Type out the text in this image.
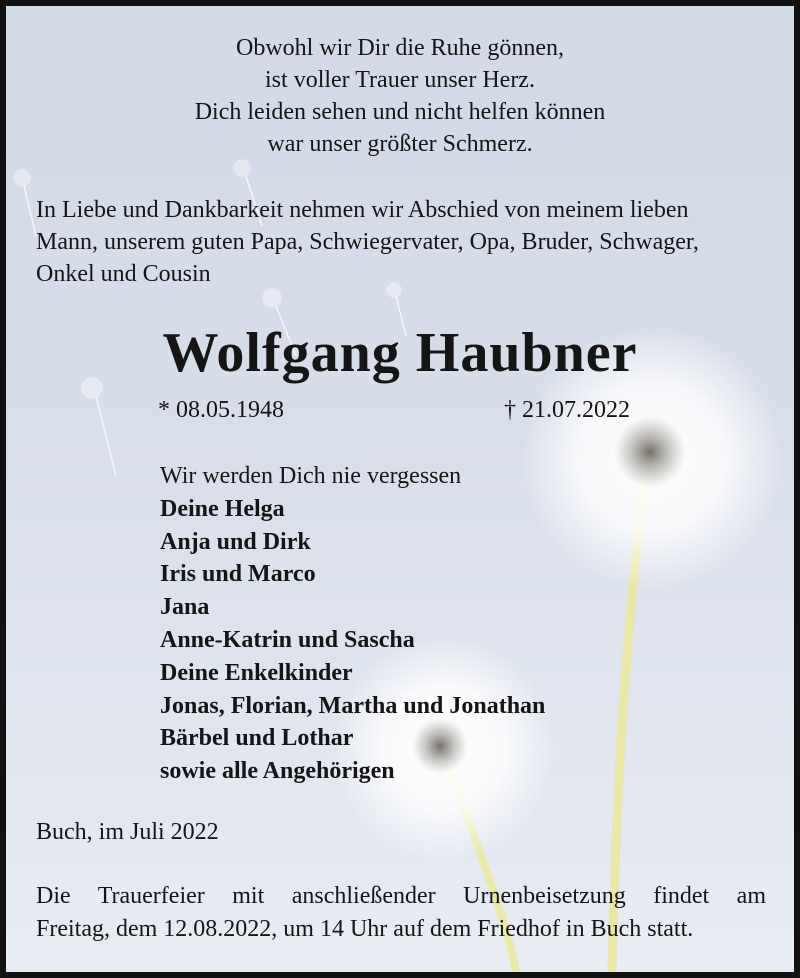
Obwohl wir Dir die Ruhe gönnen,
ist voller Trauer unser Herz.
Dich leiden sehen und nicht helfen können
war unser größter Schmerz.
In Liebe und Dankbarkeit nehmen wir Abschied von meinem lieben
Mann, unserem guten Papa, Schwiegervater, Opa, Bruder, Schwager,
Onkel und Cousin
Wolfgang Haubner
* 08.05.1948	† 21.07.2022
Wir werden Dich nie vergessen
Deine Helga
Anja und Dirk
Iris und Marco
Jana
Anne-Katrin und Sascha
Deine Enkelkinder
Jonas, Florian, Martha und Jonathan
Bärbel und Lothar
sowie alle Angehörigen
Buch, im Juli 2022
Die Trauerfeier mit anschließender Urnenbeisetzung findet am
Freitag, dem 12.08.2022, um 14 Uhr auf dem Friedhof in Buch statt.
